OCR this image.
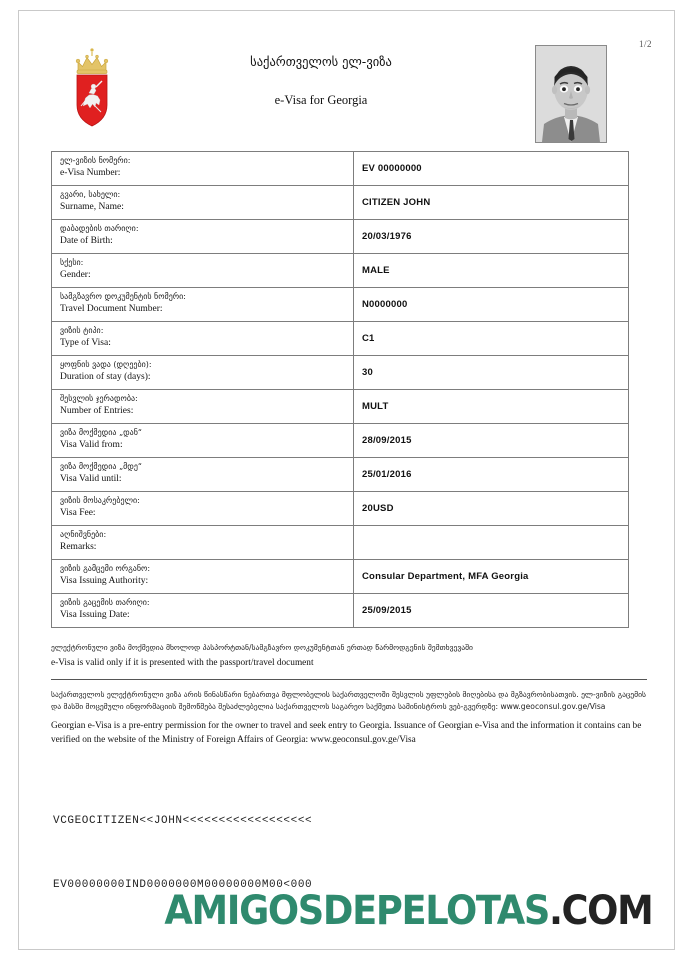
1/2
საქართველოს ელ-ვიზა
e-Visa for Georgia
ელ-ვიზის ნომერი:
e-Visa Number:	EV 00000000

გვარი, სახელი:
Surname, Name:	CITIZEN JOHN

დაბადების თარიღი:
Date of Birth:	20/03/1976

სქესი:
Gender:	MALE

სამგზავრო დოკუმენტის ნომერი:
Travel Document Number:	N0000000

ვიზის ტიპი:
Type of Visa:	C1

ყოფნის ვადა (დღეები):
Duration of stay (days):	30

შესვლის ჯერადობა:
Number of Entries:	MULT

ვიზა მოქმედია „დან“
Visa Valid from:	28/09/2015

ვიზა მოქმედია „მდე“
Visa Valid until:	25/01/2016

ვიზის მოსაკრებელი:
Visa Fee:	20USD

აღნიშვნები:
Remarks:	

ვიზის გამცემი ორგანო:
Visa Issuing Authority:	Consular Department, MFA Georgia

ვიზის გაცემის თარიღი:
Visa Issuing Date:	25/09/2015
ელექტრონული ვიზა მოქმედია მხოლოდ პასპორტთან/სამგზავრო დოკუმენტთან ერთად წარმოდგენის შემთხვევაში
e-Visa is valid only if it is presented with the passport/travel document
საქართველოს ელექტრონული ვიზა არის წინასწარი ნებართვა მფლობელის საქართველოში შესვლის უფლების მიღებისა და მგზავრობისათვის. ელ-ვიზის გაცემის და მასში მოცემული ინფორმაციის შემოწმება შესაძლებელია საქართველოს საგარეო საქმეთა სამინისტროს ვებ-გვერდზე: www.geoconsul.gov.ge/Visa
Georgian e-Visa is a pre-entry permission for the owner to travel and seek entry to Georgia. Issuance of Georgian e-Visa and the information it contains can be verified on the website of the Ministry of Foreign Affairs of Georgia: www.geoconsul.gov.ge/Visa

VCGEOCITIZEN<<JOHN<<<<<<<<<<<<<<<<<<

EV00000000IND0000000M00000000M00<000

AMIGOSDEPELOTAS.COM
